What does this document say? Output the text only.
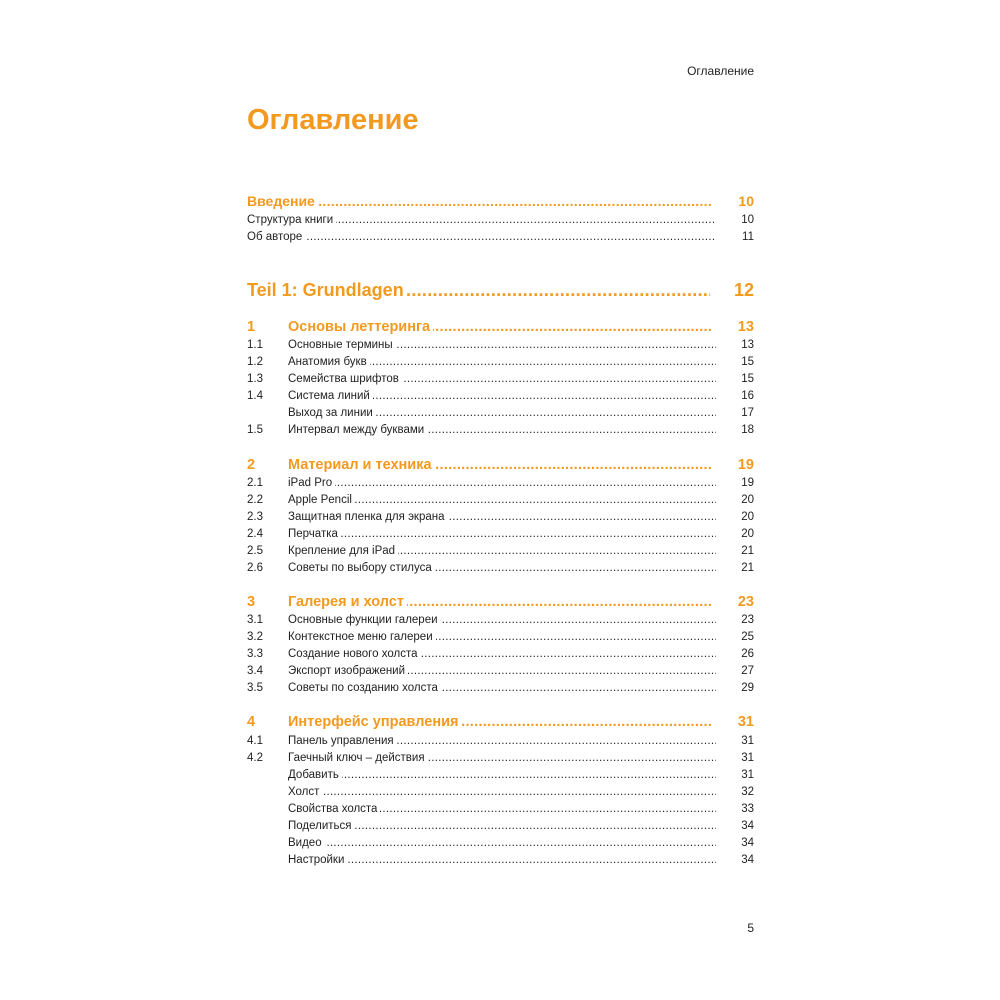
Оглавление
Оглавление
.....
Введение	10
.....
Структура книги	10
.....
Об авторе	11
.....
Teil 1: Grundlagen	12
1 ..... Основы леттеринга	13
1.1 ..... Основные термины	13
1.2 ..... Анатомия букв	15
1.3 ..... Семейства шрифтов	15
1.4 ..... Система линий	16
.....
Выход за линии	17
1.5 ..... Интервал между буквами	18
2 ..... Материал и техника	19
2.1 ..... iPad Pro	19
2.2 ..... Apple Pencil	20
2.3 ..... Защитная пленка для экрана	20
2.4 ..... Перчатка	20
2.5 ..... Крепление для iPad	21
2.6 ..... Советы по выбору стилуса	21
3 ..... Галерея и холст	23
3.1 ..... Основные функции галереи	23
3.2 ..... Контекстное меню галереи	25
3.3 ..... Создание нового холста	26
3.4 ..... Экспорт изображений	27
3.5 ..... Советы по созданию холста	29
4 ..... Интерфейс управления	31
4.1 ..... Панель управления	31
4.2 ..... Гаечный ключ – действия	31
.....
Добавить	31
.....
Холст	32
.....
Свойства холста	33
.....
Поделиться	34
.....
Видео	34
.....
Настройки	34
5
